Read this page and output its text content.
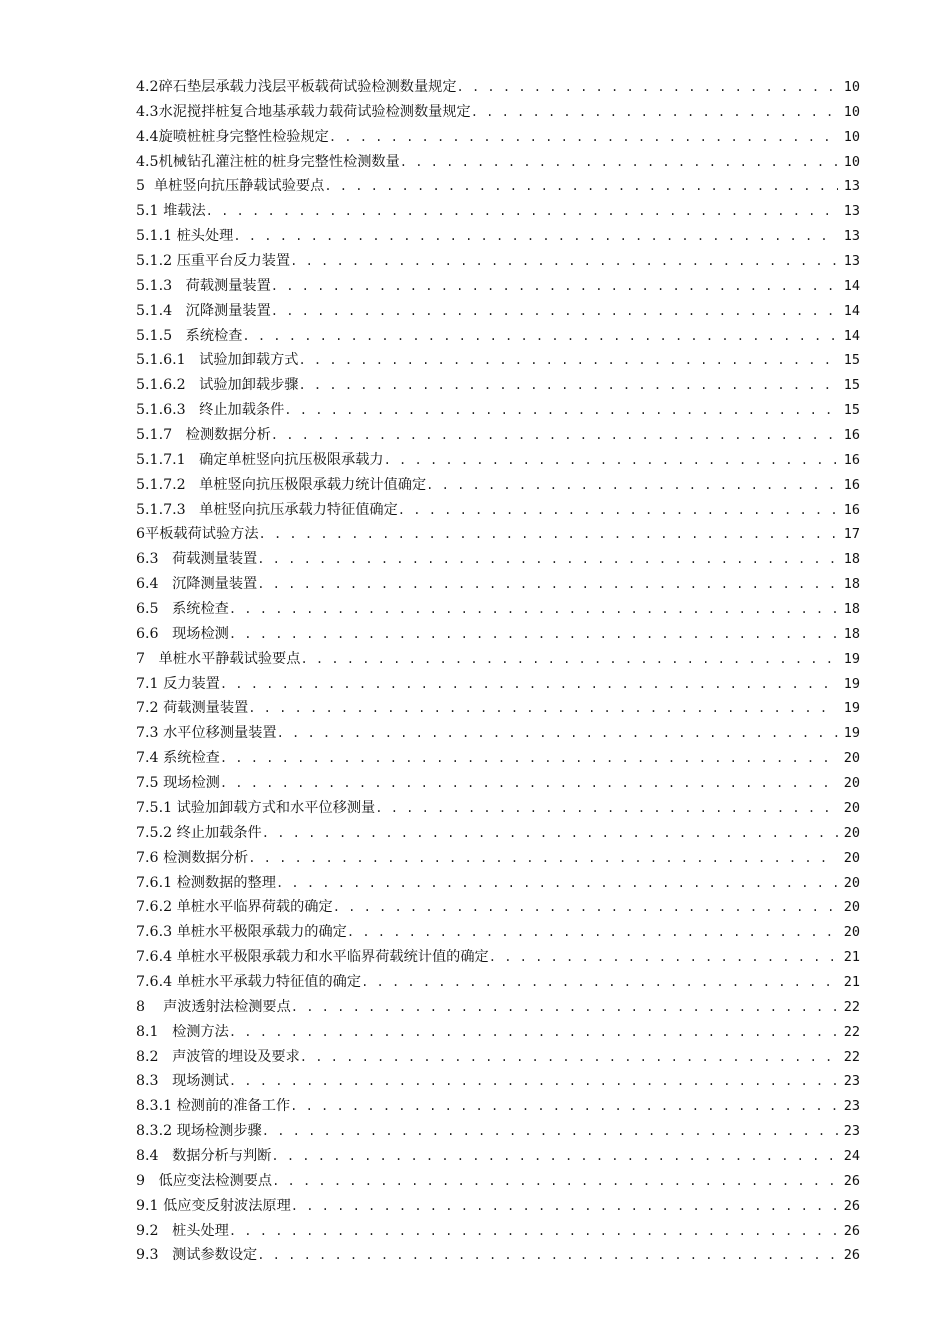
4.2碎石垫层承载力浅层平板载荷试验检测数量规定 . . .	10
4.3水泥搅拌桩复合地基承载力载荷试验检测数量规定 . . .	10
4.4旋喷桩桩身完整性检验规定 . . .	10
4.5机械钻孔灌注桩的桩身完整性检测数量 . . .	10
5  单桩竖向抗压静载试验要点 . . .	13
5.1 堆载法 . . .	13
5.1.1 桩头处理 . . .	13
5.1.2 压重平台反力装置 . . .	13
5.1.3   荷载测量装置 . . .	14
5.1.4   沉降测量装置 . . .	14
5.1.5   系统检查 . . .	14
5.1.6.1   试验加卸载方式 . . .	15
5.1.6.2   试验加卸载步骤 . . .	15
5.1.6.3   终止加载条件 . . .	15
5.1.7   检测数据分析 . . .	16
5.1.7.1   确定单桩竖向抗压极限承载力 . . .	16
5.1.7.2   单桩竖向抗压极限承载力统计值确定 . . .	16
5.1.7.3   单桩竖向抗压承载力特征值确定 . . .	16
6平板载荷试验方法 . . .	17
6.3   荷载测量装置 . . .	18
6.4   沉降测量装置 . . .	18
6.5   系统检查 . . .	18
6.6   现场检测 . . .	18
7   单桩水平静载试验要点 . . .	19
7.1 反力装置 . . .	19
7.2 荷载测量装置 . . .	19
7.3 水平位移测量装置 . . .	19
7.4 系统检查 . . .	20
7.5 现场检测 . . .	20
7.5.1 试验加卸载方式和水平位移测量 . . .	20
7.5.2 终止加载条件 . . .	20
7.6 检测数据分析 . . .	20
7.6.1 检测数据的整理 . . .	20
7.6.2 单桩水平临界荷载的确定 . . .	20
7.6.3 单桩水平极限承载力的确定 . . .	20
7.6.4 单桩水平极限承载力和水平临界荷载统计值的确定 . . .	21
7.6.4 单桩水平承载力特征值的确定 . . .	21
8    声波透射法检测要点 . . .	22
8.1   检测方法 . . .	22
8.2   声波管的埋设及要求 . . .	22
8.3   现场测试 . . .	23
8.3.1 检测前的准备工作 . . .	23
8.3.2 现场检测步骤 . . .	23
8.4   数据分析与判断 . . .	24
9   低应变法检测要点 . . .	26
9.1 低应变反射波法原理 . . .	26
9.2   桩头处理 . . .	26
9.3   测试参数设定 . . .	26
